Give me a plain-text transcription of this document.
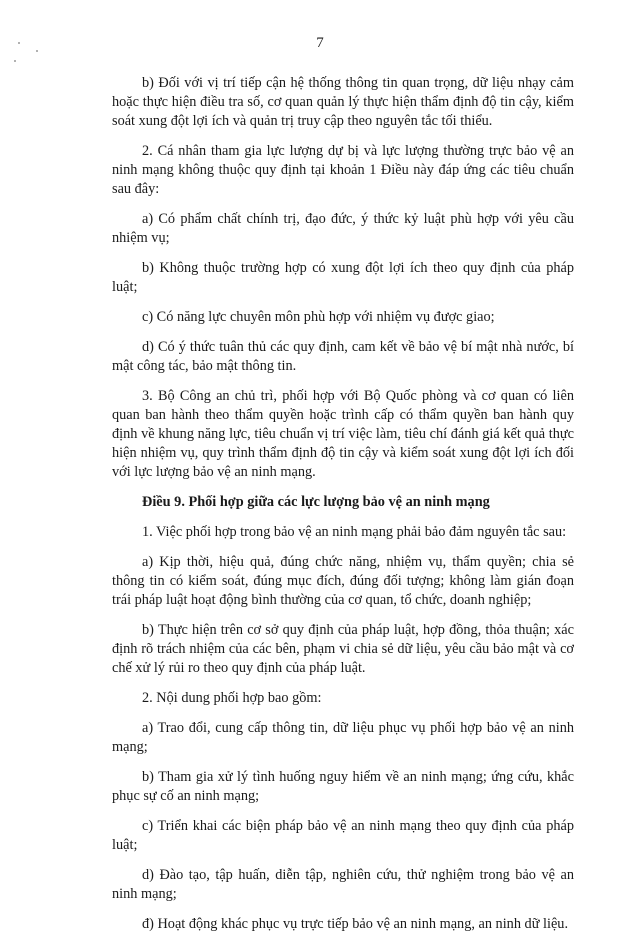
7

b) Đối với vị trí tiếp cận hệ thống thông tin quan trọng, dữ liệu nhạy cảm hoặc thực hiện điều tra số, cơ quan quản lý thực hiện thẩm định độ tin cậy, kiểm soát xung đột lợi ích và quản trị truy cập theo nguyên tắc tối thiểu.

2. Cá nhân tham gia lực lượng dự bị và lực lượng thường trực bảo vệ an ninh mạng không thuộc quy định tại khoản 1 Điều này đáp ứng các tiêu chuẩn sau đây:

a) Có phẩm chất chính trị, đạo đức, ý thức kỷ luật phù hợp với yêu cầu nhiệm vụ;

b) Không thuộc trường hợp có xung đột lợi ích theo quy định của pháp luật;

c) Có năng lực chuyên môn phù hợp với nhiệm vụ được giao;

d) Có ý thức tuân thủ các quy định, cam kết về bảo vệ bí mật nhà nước, bí mật công tác, bảo mật thông tin.

3. Bộ Công an chủ trì, phối hợp với Bộ Quốc phòng và cơ quan có liên quan ban hành theo thẩm quyền hoặc trình cấp có thẩm quyền ban hành quy định về khung năng lực, tiêu chuẩn vị trí việc làm, tiêu chí đánh giá kết quả thực hiện nhiệm vụ, quy trình thẩm định độ tin cậy và kiểm soát xung đột lợi ích đối với lực lượng bảo vệ an ninh mạng.

Điều 9. Phối hợp giữa các lực lượng bảo vệ an ninh mạng

1. Việc phối hợp trong bảo vệ an ninh mạng phải bảo đảm nguyên tắc sau:

a) Kịp thời, hiệu quả, đúng chức năng, nhiệm vụ, thẩm quyền; chia sẻ thông tin có kiểm soát, đúng mục đích, đúng đối tượng; không làm gián đoạn trái pháp luật hoạt động bình thường của cơ quan, tổ chức, doanh nghiệp;

b) Thực hiện trên cơ sở quy định của pháp luật, hợp đồng, thỏa thuận; xác định rõ trách nhiệm của các bên, phạm vi chia sẻ dữ liệu, yêu cầu bảo mật và cơ chế xử lý rủi ro theo quy định của pháp luật.

2. Nội dung phối hợp bao gồm:

a) Trao đổi, cung cấp thông tin, dữ liệu phục vụ phối hợp bảo vệ an ninh mạng;

b) Tham gia xử lý tình huống nguy hiểm về an ninh mạng; ứng cứu, khắc phục sự cố an ninh mạng;

c) Triển khai các biện pháp bảo vệ an ninh mạng theo quy định của pháp luật;

d) Đào tạo, tập huấn, diễn tập, nghiên cứu, thử nghiệm trong bảo vệ an ninh mạng;

đ) Hoạt động khác phục vụ trực tiếp bảo vệ an ninh mạng, an ninh dữ liệu.
